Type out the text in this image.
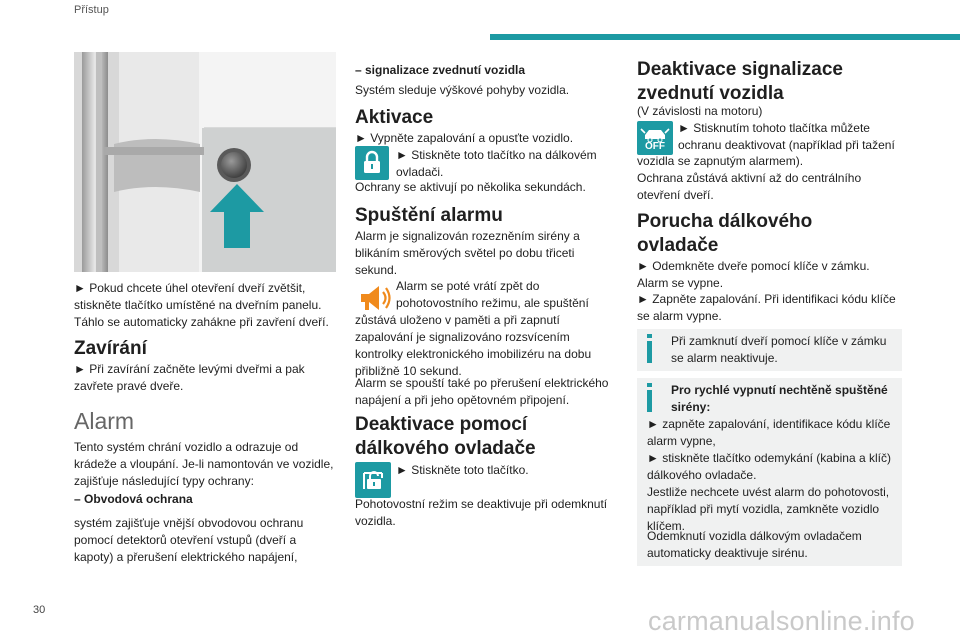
Přístup
30	carmanualsonline.info
► Pokud chcete úhel otevření dveří zvětšit, stiskněte tlačítko umístěné na dveřním panelu. Táhlo se automaticky zahákne při zavření dveří.
Zavírání
► Při zavírání začněte levými dveřmi a pak zavřete pravé dveře.
Alarm
Tento systém chrání vozidlo a odrazuje od krádeže a vloupání. Je-li namontován ve vozidle, zajišťuje následující typy ochrany:
– Obvodová ochrana
systém zajišťuje vnější obvodovou ochranu pomocí detektorů otevření vstupů (dveří a kapoty) a přerušení elektrického napájení,
– signalizace zvednutí vozidla
Systém sleduje výškové pohyby vozidla.
Aktivace
► Vypněte zapalování a opusťte vozidlo.
► Stiskněte toto tlačítko na dálkovém
ovladači.
Ochrany se aktivují po několika sekundách.
Spuštění alarmu
Alarm je signalizován rozezněním sirény a blikáním směrových světel po dobu třiceti sekund.
Alarm se poté vrátí zpět do
pohotovostního režimu, ale spuštění
zůstává uloženo v paměti a při zapnutí zapalování je signalizováno rozsvícením kontrolky elektronického imobilizéru na dobu přibližně 10 sekund.
Alarm se spouští také po přerušení elektrického napájení a při jeho opětovném připojení.
Deaktivace pomocí
dálkového ovladače
► Stiskněte toto tlačítko.
Pohotovostní režim se deaktivuje při odemknutí vozidla.
Deaktivace signalizace
zvednutí vozidla
(V závislosti na motoru)
OFF
► Stisknutím tohoto tlačítka můžete
ochranu deaktivovat (například při tažení
vozidla se zapnutým alarmem).
Ochrana zůstává aktivní až do centrálního otevření dveří.
Porucha dálkového
ovladače
► Odemkněte dveře pomocí klíče v zámku.
Alarm se vypne.
► Zapněte zapalování. Při identifikaci kódu klíče se alarm vypne.
Při zamknutí dveří pomocí klíče v zámku se alarm neaktivuje.
Pro rychlé vypnutí nechtěně spuštěné sirény:
► zapněte zapalování, identifikace kódu klíče alarm vypne,
► stiskněte tlačítko odemykání (kabina a klíč) dálkového ovladače.
Jestliže nechcete uvést alarm do pohotovosti, například při mytí vozidla, zamkněte vozidlo klíčem.
Odemknutí vozidla dálkovým ovladačem automaticky deaktivuje sirénu.
